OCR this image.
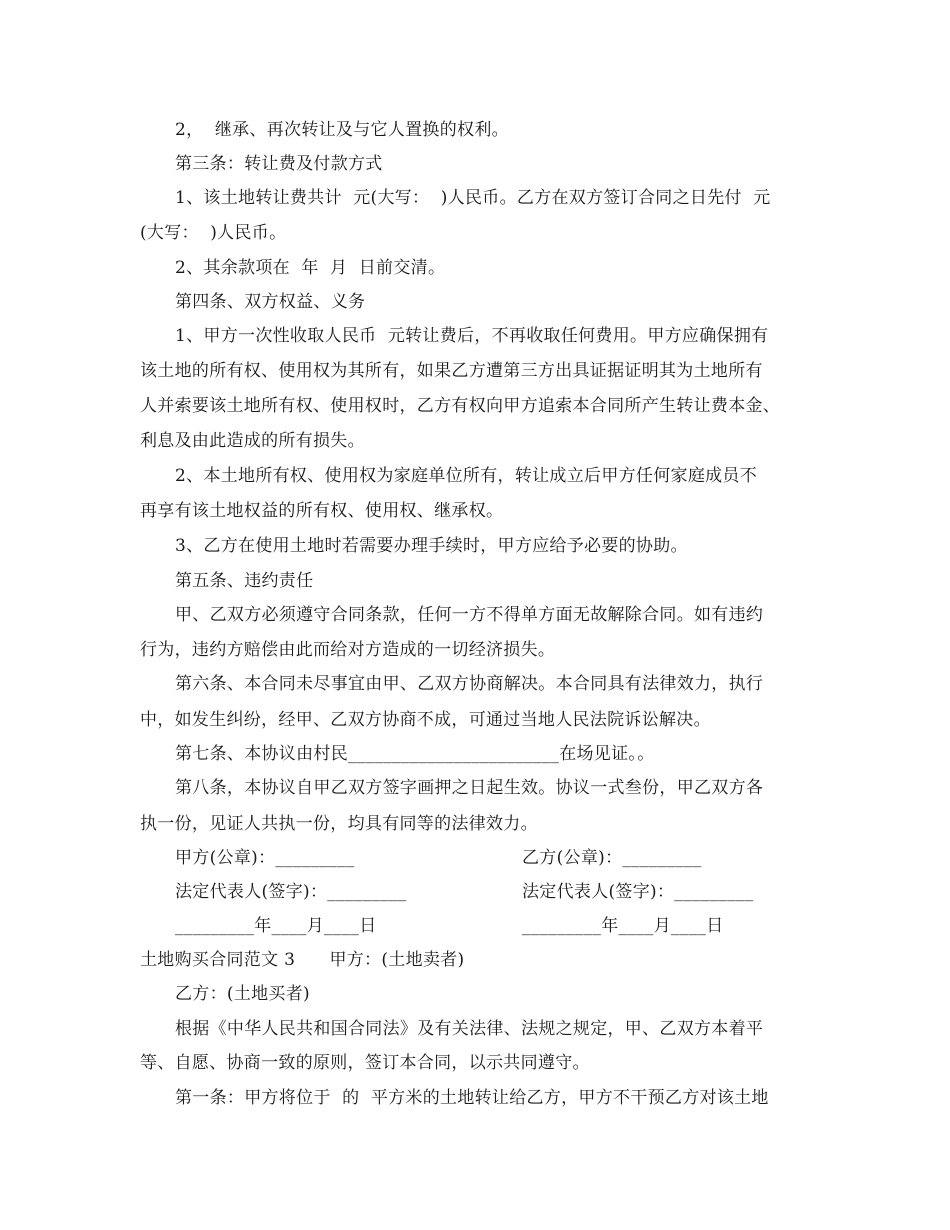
2，  继承、再次转让及与它人置换的权利。
第三条：转让费及付款方式
1、该土地转让费共计  元(大写：  )人民币。乙方在双方签订合同之日先付  元
(大写：  )人民币。
2、其余款项在  年  月  日前交清。
第四条、双方权益、义务
1、甲方一次性收取人民币  元转让费后，不再收取任何费用。甲方应确保拥有
该土地的所有权、使用权为其所有，如果乙方遭第三方出具证据证明其为土地所有
人并索要该土地所有权、使用权时，乙方有权向甲方追索本合同所产生转让费本金、
利息及由此造成的所有损失。
2、本土地所有权、使用权为家庭单位所有，转让成立后甲方任何家庭成员不
再享有该土地权益的所有权、使用权、继承权。
3、乙方在使用土地时若需要办理手续时，甲方应给予必要的协助。
第五条、违约责任
甲、乙双方必须遵守合同条款，任何一方不得单方面无故解除合同。如有违约
行为，违约方赔偿由此而给对方造成的一切经济损失。
第六条、本合同未尽事宜由甲、乙双方协商解决。本合同具有法律效力，执行
中，如发生纠纷，经甲、乙双方协商不成，可通过当地人民法院诉讼解决。
第七条、本协议由村民________________________在场见证。。
第八条，本协议自甲乙双方签字画押之日起生效。协议一式叁份，甲乙双方各
执一份，见证人共执一份，均具有同等的法律效力。
甲方(公章)：_________	乙方(公章)：_________
法定代表人(签字)：_________	法定代表人(签字)：_________
_________年____月____日	_________年____月____日
土地购买合同范文 3      甲方：(土地卖者)
乙方：(土地买者)
根据《中华人民共和国合同法》及有关法律、法规之规定，甲、乙双方本着平
等、自愿、协商一致的原则，签订本合同，以示共同遵守。
第一条：甲方将位于  的  平方米的土地转让给乙方，甲方不干预乙方对该土地
